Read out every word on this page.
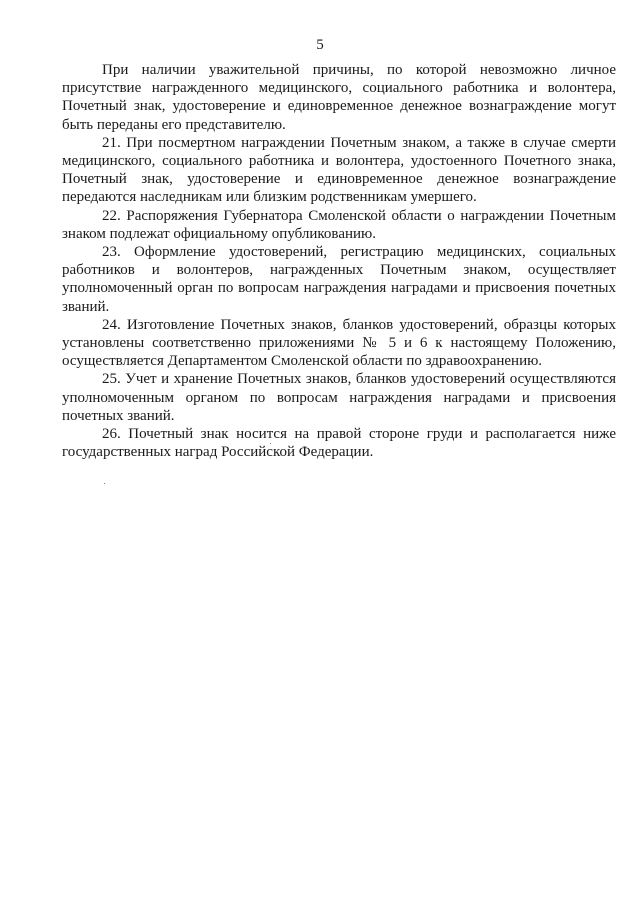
5

При наличии уважительной причины, по которой невозможно личное присутствие награжденного медицинского, социального работника и волонтера, Почетный знак, удостоверение и единовременное денежное вознаграждение могут быть переданы его представителю.

21. При посмертном награждении Почетным знаком, а также в случае смерти медицинского, социального работника и волонтера, удостоенного Почетного знака, Почетный знак, удостоверение и единовременное денежное вознаграждение передаются наследникам или близким родственникам умершего.

22. Распоряжения Губернатора Смоленской области о награждении Почетным знаком подлежат официальному опубликованию.

23. Оформление удостоверений, регистрацию медицинских, социальных работников и волонтеров, награжденных Почетным знаком, осуществляет уполномоченный орган по вопросам награждения наградами и присвоения почетных званий.

24. Изготовление Почетных знаков, бланков удостоверений, образцы которых установлены соответственно приложениями № 5 и 6 к настоящему Положению, осуществляется Департаментом Смоленской области по здравоохранению.

25. Учет и хранение Почетных знаков, бланков удостоверений осуществляются уполномоченным органом по вопросам награждения наградами и присвоения почетных званий.

26. Почетный знак носится на правой стороне груди и располагается ниже государственных наград Российской Федерации.
